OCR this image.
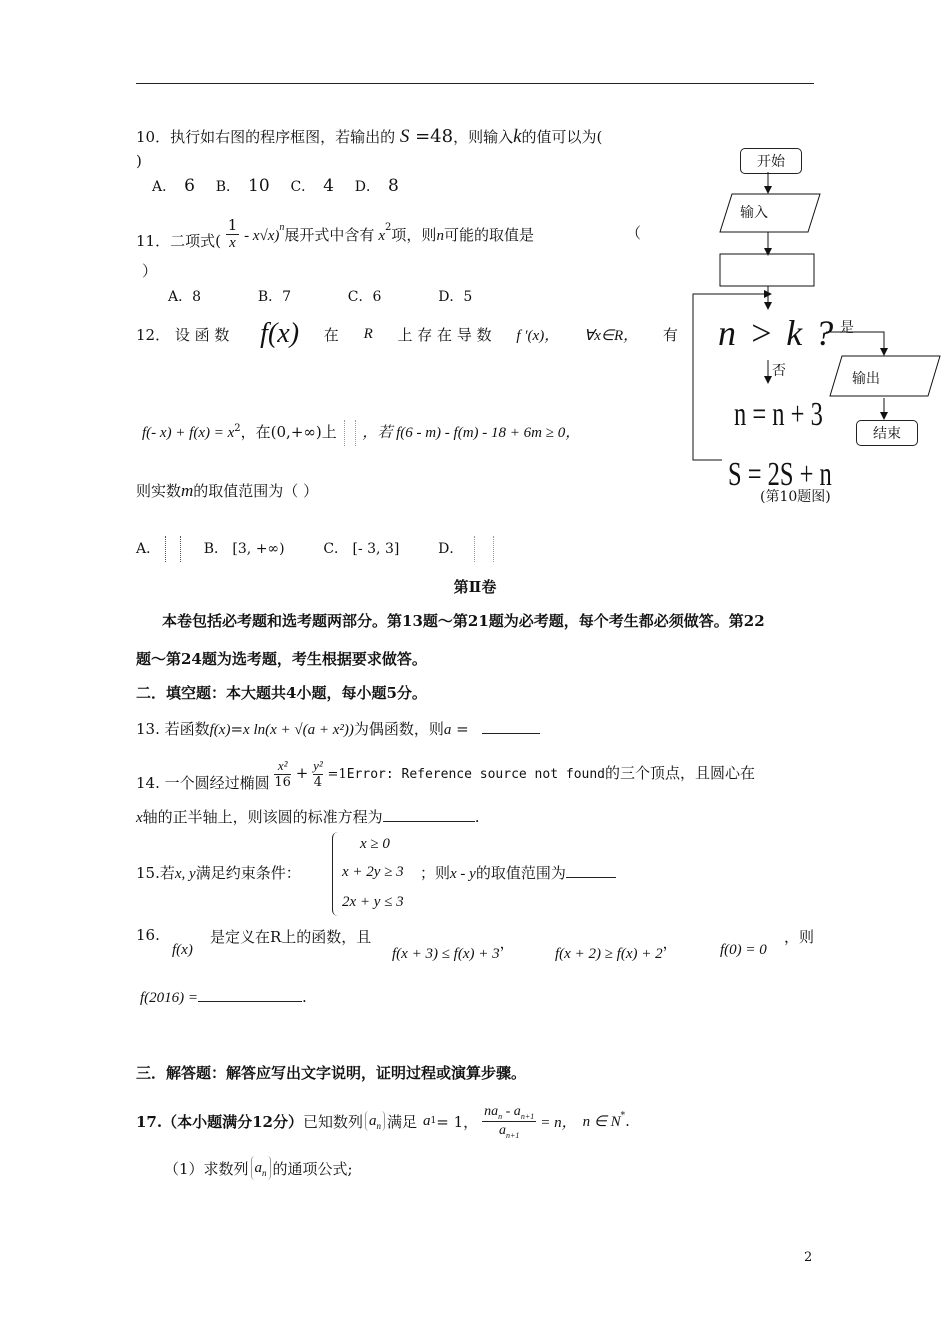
10．执行如右图的程序框图，若输出的 S =48，则输入k的值可以为(
)
A． 6 B． 10 C． 4 D． 8
11．二项式( $\frac{1}{x} - x√x)^n$展开式中含有 $x^2$项，则n可能的取值是	（
）
A．8	B．7	C．6	D．5
12． 设 函 数 f(x) 在 R 上 存 在 导 数 f ′(x)， ∀x∈R， 有
f(- $x) + f(x) = x^2$，在(0,+∞)上 ，若 f(6 - m) - f(m) - 18 + 6m ≥ 0，
则实数m的取值范围为（ ）
A．	B． [3, +∞)	C． [- 3, 3]	D．
第Ⅱ卷
本卷包括必考题和选考题两部分。第13题～第21题为必考题，每个考生都必须做答。第22
题～第24题为选考题，考生根据要求做答。
二．填空题：本大题共4小题，每小题5分。
13. 若函数f(x)=x ln(x + √(a + x²))为偶函数，则a =
14. 一个圆经过椭圆 $\frac{\text{x²}}{16} + \frac{\text{y²}}{4}$ =1Error: Reference source not found的三个顶点，且圆心在
x轴的正半轴上，则该圆的标准方程为	.
15.若x, y满足约束条件：
x ≥ 0
x + 2y ≥ 3
2x + y ≤ 3
；则x - y的取值范围为
16.
f(x)
是定义在R上的函数，且
f(x + 3) ≤ f(x) + 3，
f(x + 2) ≥ f(x) + 2，	f(0) = 0
，则
f(2016) =	.
三．解答题：解答应写出文字说明，证明过程或演算步骤。
17.（本小题满分12分） 已知数列 $a_n$ 满足 a 1 = 1，
$na_n - a_{n+1}$
$a_{n+1}$
= n， n ∈ N* .
（1）求数列 $a_n$ 的通项公式;
开始
输入
n > k ? 是
否	输出
结束
n = n + 3
S = 2S + n
(第10题图)
2
